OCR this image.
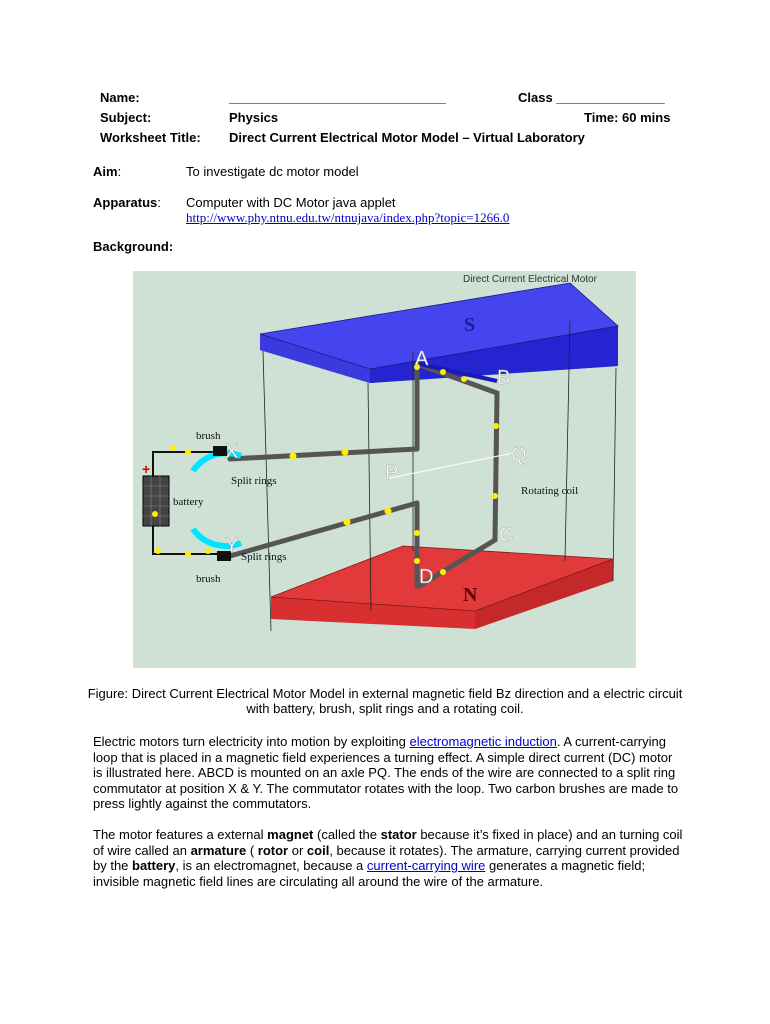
Name:	______________________________	Class _______________
Subject:	Physics	Time: 60 mins
Worksheet Title: Direct Current Electrical Motor Model – Virtual Laboratory
Aim:	To investigate dc motor model
Apparatus: Computer with DC Motor java applet
http://www.phy.ntnu.edu.tw/ntnujava/index.php?topic=1266.0
Background:
Direct Current Electrical Motor
S
N
+
battery
brush
brush
Split rings
Split rings
Rotating coil
A
B
C
D
P
Q
X
Y
Figure: Direct Current Electrical Motor Model in external magnetic field Bz direction and a electric circuit with battery, brush, split rings and a rotating coil.
Electric motors turn electricity into motion by exploiting electromagnetic induction. A current-carrying loop that is placed in a magnetic field experiences a turning effect. A simple direct current (DC) motor is illustrated here. ABCD is mounted on an axle PQ. The ends of the wire are connected to a split ring commutator at position X & Y. The commutator rotates with the loop. Two carbon brushes are made to press lightly against the commutators.
The motor features a external magnet (called the stator because it’s fixed in place) and an turning coil of wire called an armature ( rotor or coil, because it rotates). The armature, carrying current provided by the battery, is an electromagnet, because a current-carrying wire generates a magnetic field; invisible magnetic field lines are circulating all around the wire of the armature.
